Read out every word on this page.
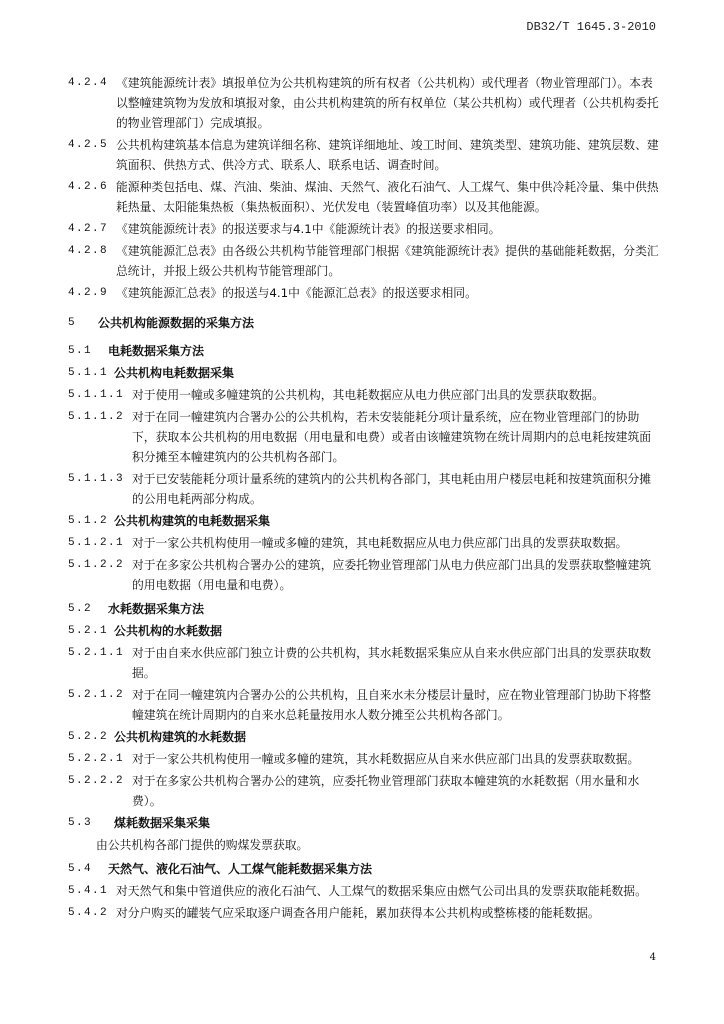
DB32/T 1645.3-2010
4.2.4 《建筑能源统计表》填报单位为公共机构建筑的所有权者（公共机构）或代理者（物业管理部门）。本表以整幢建筑物为发放和填报对象，由公共机构建筑的所有权单位（某公共机构）或代理者（公共机构委托的物业管理部门）完成填报。
4.2.5 公共机构建筑基本信息为建筑详细名称、建筑详细地址、竣工时间、建筑类型、建筑功能、建筑层数、建筑面积、供热方式、供冷方式、联系人、联系电话、调查时间。
4.2.6 能源种类包括电、煤、汽油、柴油、煤油、天然气、液化石油气、人工煤气、集中供冷耗冷量、集中供热耗热量、太阳能集热板（集热板面积）、光伏发电（装置峰值功率）以及其他能源。
4.2.7 《建筑能源统计表》的报送要求与4.1中《能源统计表》的报送要求相同。
4.2.8 《建筑能源汇总表》由各级公共机构节能管理部门根据《建筑能源统计表》提供的基础能耗数据，分类汇总统计，并报上级公共机构节能管理部门。
4.2.9 《建筑能源汇总表》的报送与4.1中《能源汇总表》的报送要求相同。
5 公共机构能源数据的采集方法
5.1 电耗数据采集方法
5.1.1 公共机构电耗数据采集
5.1.1.1 对于使用一幢或多幢建筑的公共机构，其电耗数据应从电力供应部门出具的发票获取数据。
5.1.1.2 对于在同一幢建筑内合署办公的公共机构，若未安装能耗分项计量系统，应在物业管理部门的协助下，获取本公共机构的用电数据（用电量和电费）或者由该幢建筑物在统计周期内的总电耗按建筑面积分摊至本幢建筑内的公共机构各部门。
5.1.1.3 对于已安装能耗分项计量系统的建筑内的公共机构各部门，其电耗由用户楼层电耗和按建筑面积分摊的公用电耗两部分构成。
5.1.2 公共机构建筑的电耗数据采集
5.1.2.1 对于一家公共机构使用一幢或多幢的建筑，其电耗数据应从电力供应部门出具的发票获取数据。
5.1.2.2 对于在多家公共机构合署办公的建筑，应委托物业管理部门从电力供应部门出具的发票获取整幢建筑的用电数据（用电量和电费）。
5.2 水耗数据采集方法
5.2.1 公共机构的水耗数据
5.2.1.1 对于由自来水供应部门独立计费的公共机构，其水耗数据采集应从自来水供应部门出具的发票获取数据。
5.2.1.2 对于在同一幢建筑内合署办公的公共机构，且自来水未分楼层计量时，应在物业管理部门协助下将整幢建筑在统计周期内的自来水总耗量按用水人数分摊至公共机构各部门。
5.2.2 公共机构建筑的水耗数据
5.2.2.1 对于一家公共机构使用一幢或多幢的建筑，其水耗数据应从自来水供应部门出具的发票获取数据。
5.2.2.2 对于在多家公共机构合署办公的建筑，应委托物业管理部门获取本幢建筑的水耗数据（用水量和水费）。
5.3 煤耗数据采集采集
由公共机构各部门提供的购煤发票获取。
5.4 天然气、液化石油气、人工煤气能耗数据采集方法
5.4.1 对天然气和集中管道供应的液化石油气、人工煤气的数据采集应由燃气公司出具的发票获取能耗数据。
5.4.2 对分户购买的罐装气应采取逐户调查各用户能耗，累加获得本公共机构或整栋楼的能耗数据。
4
